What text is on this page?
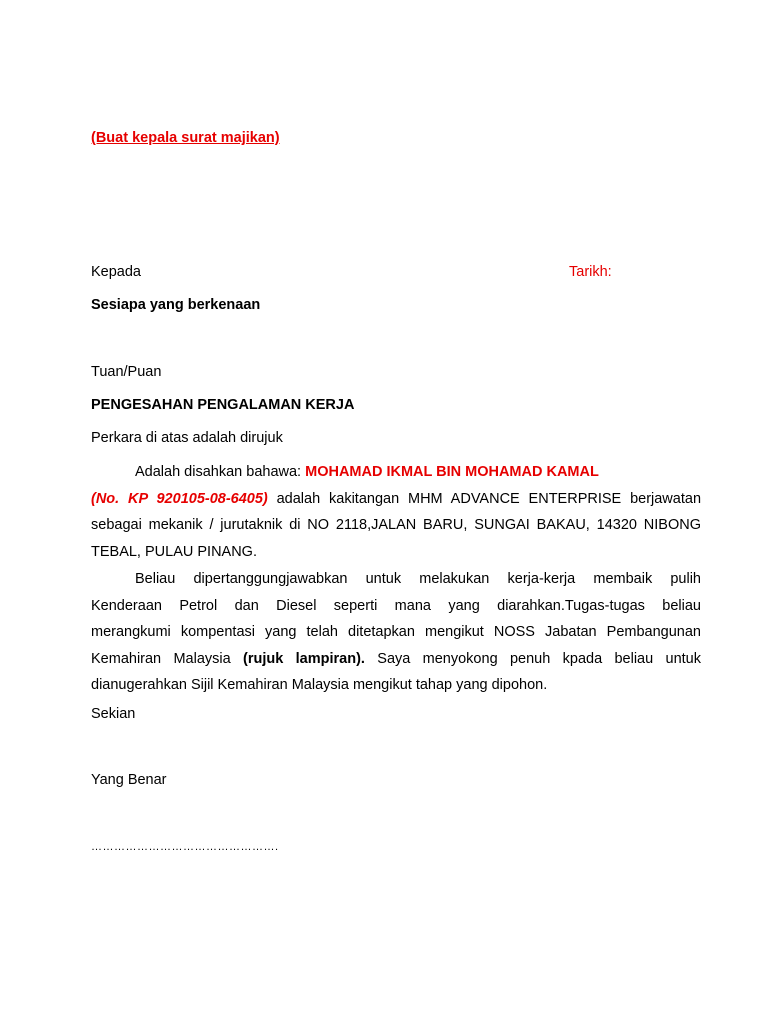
(Buat kepala surat majikan)
Kepada	Tarikh:
Sesiapa yang berkenaan
Tuan/Puan
PENGESAHAN PENGALAMAN KERJA
Perkara di atas adalah dirujuk
Adalah disahkan bahawa: MOHAMAD IKMAL BIN MOHAMAD KAMAL
(No. KP 920105-08-6405) adalah kakitangan MHM ADVANCE ENTERPRISE berjawatan
sebagai mekanik / jurutaknik di NO 2118,JALAN BARU, SUNGAI BAKAU, 14320 NIBONG
TEBAL, PULAU PINANG.
Beliau dipertanggungjawabkan untuk melakukan kerja-kerja membaik pulih
Kenderaan Petrol dan Diesel seperti mana yang diarahkan.Tugas-tugas beliau
merangkumi kompentasi yang telah ditetapkan mengikut NOSS Jabatan Pembangunan
Kemahiran Malaysia (rujuk lampiran). Saya menyokong penuh kpada beliau untuk
dianugerahkan Sijil Kemahiran Malaysia mengikut tahap yang dipohon.
Sekian
Yang Benar
………………………………………….
